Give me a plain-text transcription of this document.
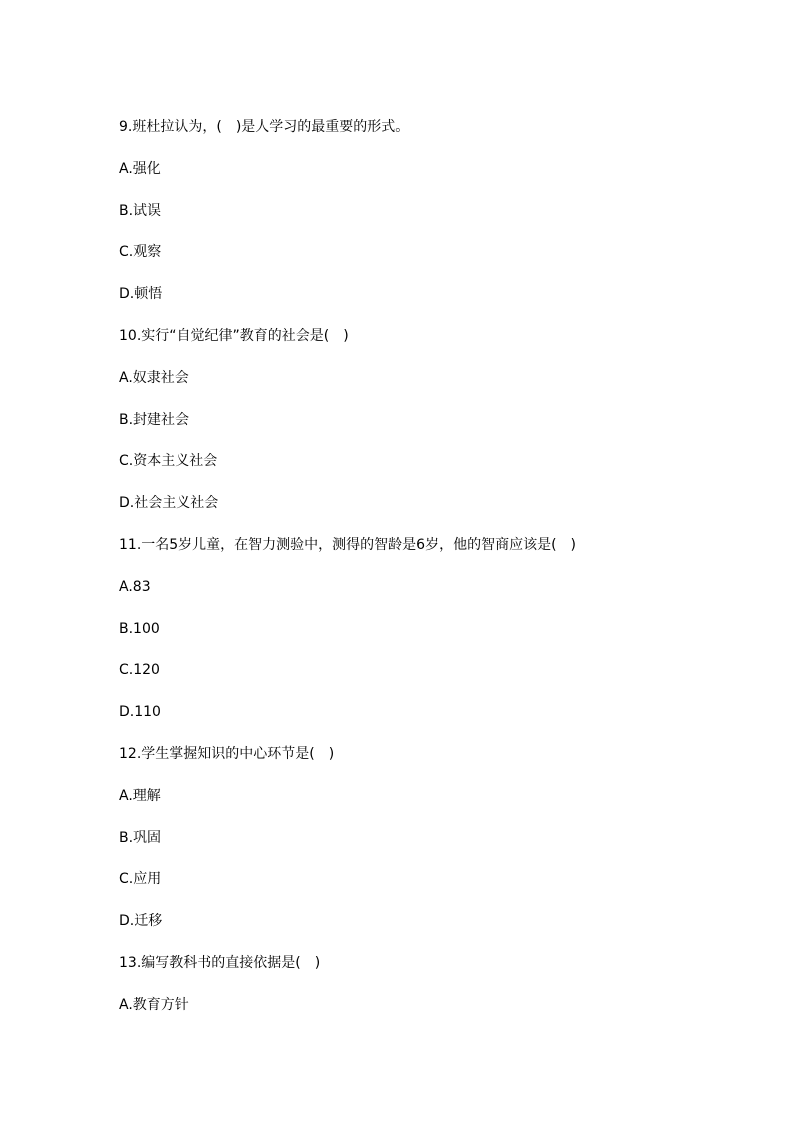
9.班杜拉认为，(　)是人学习的最重要的形式。
A.强化
B.试误
C.观察
D.顿悟
10.实行“自觉纪律”教育的社会是(　)
A.奴隶社会
B.封建社会
C.资本主义社会
D.社会主义社会
11.一名5岁儿童，在智力测验中，测得的智龄是6岁，他的智商应该是(　)
A.83
B.100
C.120
D.110
12.学生掌握知识的中心环节是(　)
A.理解
B.巩固
C.应用
D.迁移
13.编写教科书的直接依据是(　)
A.教育方针
